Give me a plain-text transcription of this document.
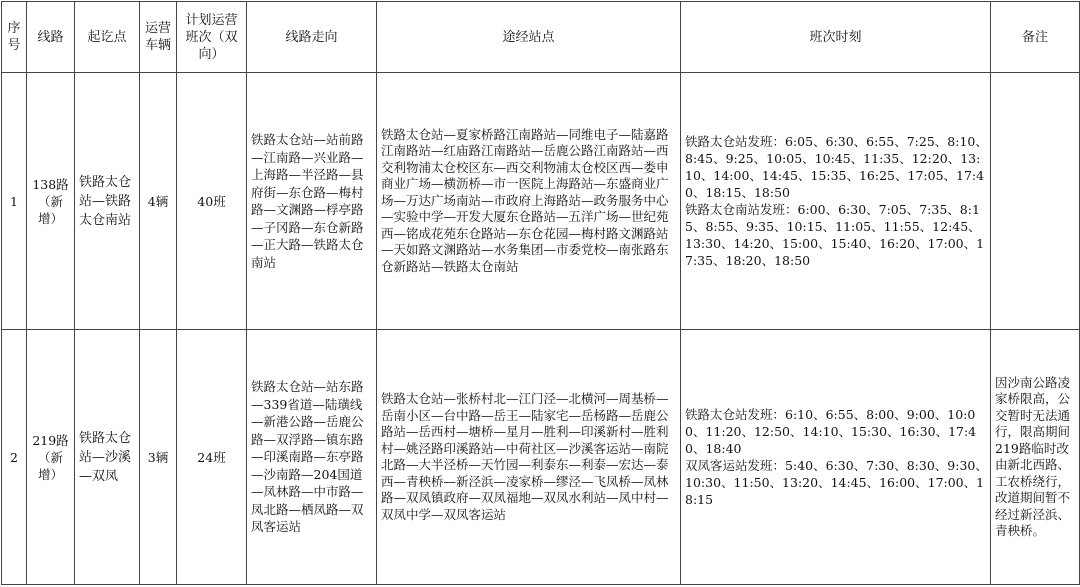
序号	线路	起讫点	运营车辆	计划运营班次（双向）	线路走向	途经站点	班次时刻	备注
1	138路（新增）	铁路太仓站—铁路太仓南站	4辆	40班	铁路太仓站—站前路—江南路—兴业路—上海路—半泾路—县府街—东仓路—梅村路—文渊路—桴亭路—子冈路—东仓新路—正大路—铁路太仓南站	铁路太仓站—夏家桥路江南路站—同维电子—陆嘉路江南路站—红庙路江南路站—岳鹿公路江南路站—西交利物浦太仓校区东—西交利物浦太仓校区西—娄申商业广场—横沥桥—市一医院上海路站—东盛商业广场—万达广场南站—市政府上海路站—政务服务中心—实验中学—开发大厦东仓路站—五洋广场—世纪苑西—铭成花苑东仓路站—东仓花园—梅村路文渊路站—天如路文渊路站—水务集团—市委党校—南张路东仓新路站—铁路太仓南站	铁路太仓站发班：6:05、6:30、6:55、7:25、8:10、8:45、9:25、10:05、10:45、11:35、12:20、13:10、14:00、14:45、15:35、16:25、17:05、17:40、18:15、18:50
铁路太仓南站发班：6:00、6:30、7:05、7:35、8:15、8:55、9:35、10:15、11:05、11:55、12:45、13:30、14:20、15:00、15:40、16:20、17:00、17:35、18:20、18:50	
2	219路（新增）	铁路太仓站—沙溪—双凤	3辆	24班	铁路太仓站—站东路—339省道—陆璜线—新港公路—岳鹿公路—双浮路—镇东路—印溪南路—东亭路—沙南路—204国道—凤林路—中市路—凤北路—栖凤路—双凤客运站	铁路太仓站—张桥村北—江门泾—北横河—周基桥—岳南小区—台中路—岳王—陆家宅—岳杨路—岳鹿公路站—岳西村—塘桥—星月—胜利—印溪新村—胜利村—姚泾路印溪路站—中荷社区—沙溪客运站—南院北路—大半泾桥—天竹园—利泰东—利泰—宏达—泰西—青秧桥—新泾浜—凌家桥—缪泾—飞凤桥—凤林路—双凤镇政府—双凤福地—双凤水利站—凤中村—双凤中学—双凤客运站	铁路太仓站发班：6:10、6:55、8:00、9:00、10:00、11:20、12:50、14:10、15:30、16:30、17:40、18:40
双凤客运站发班：5:40、6:30、7:30、8:30、9:30、10:30、11:50、13:20、14:45、16:00、17:00、18:15	因沙南公路凌家桥限高，公交暂时无法通行，限高期间219路临时改由新北西路、工农桥绕行，改道期间暂不经过新泾浜、青秧桥。
